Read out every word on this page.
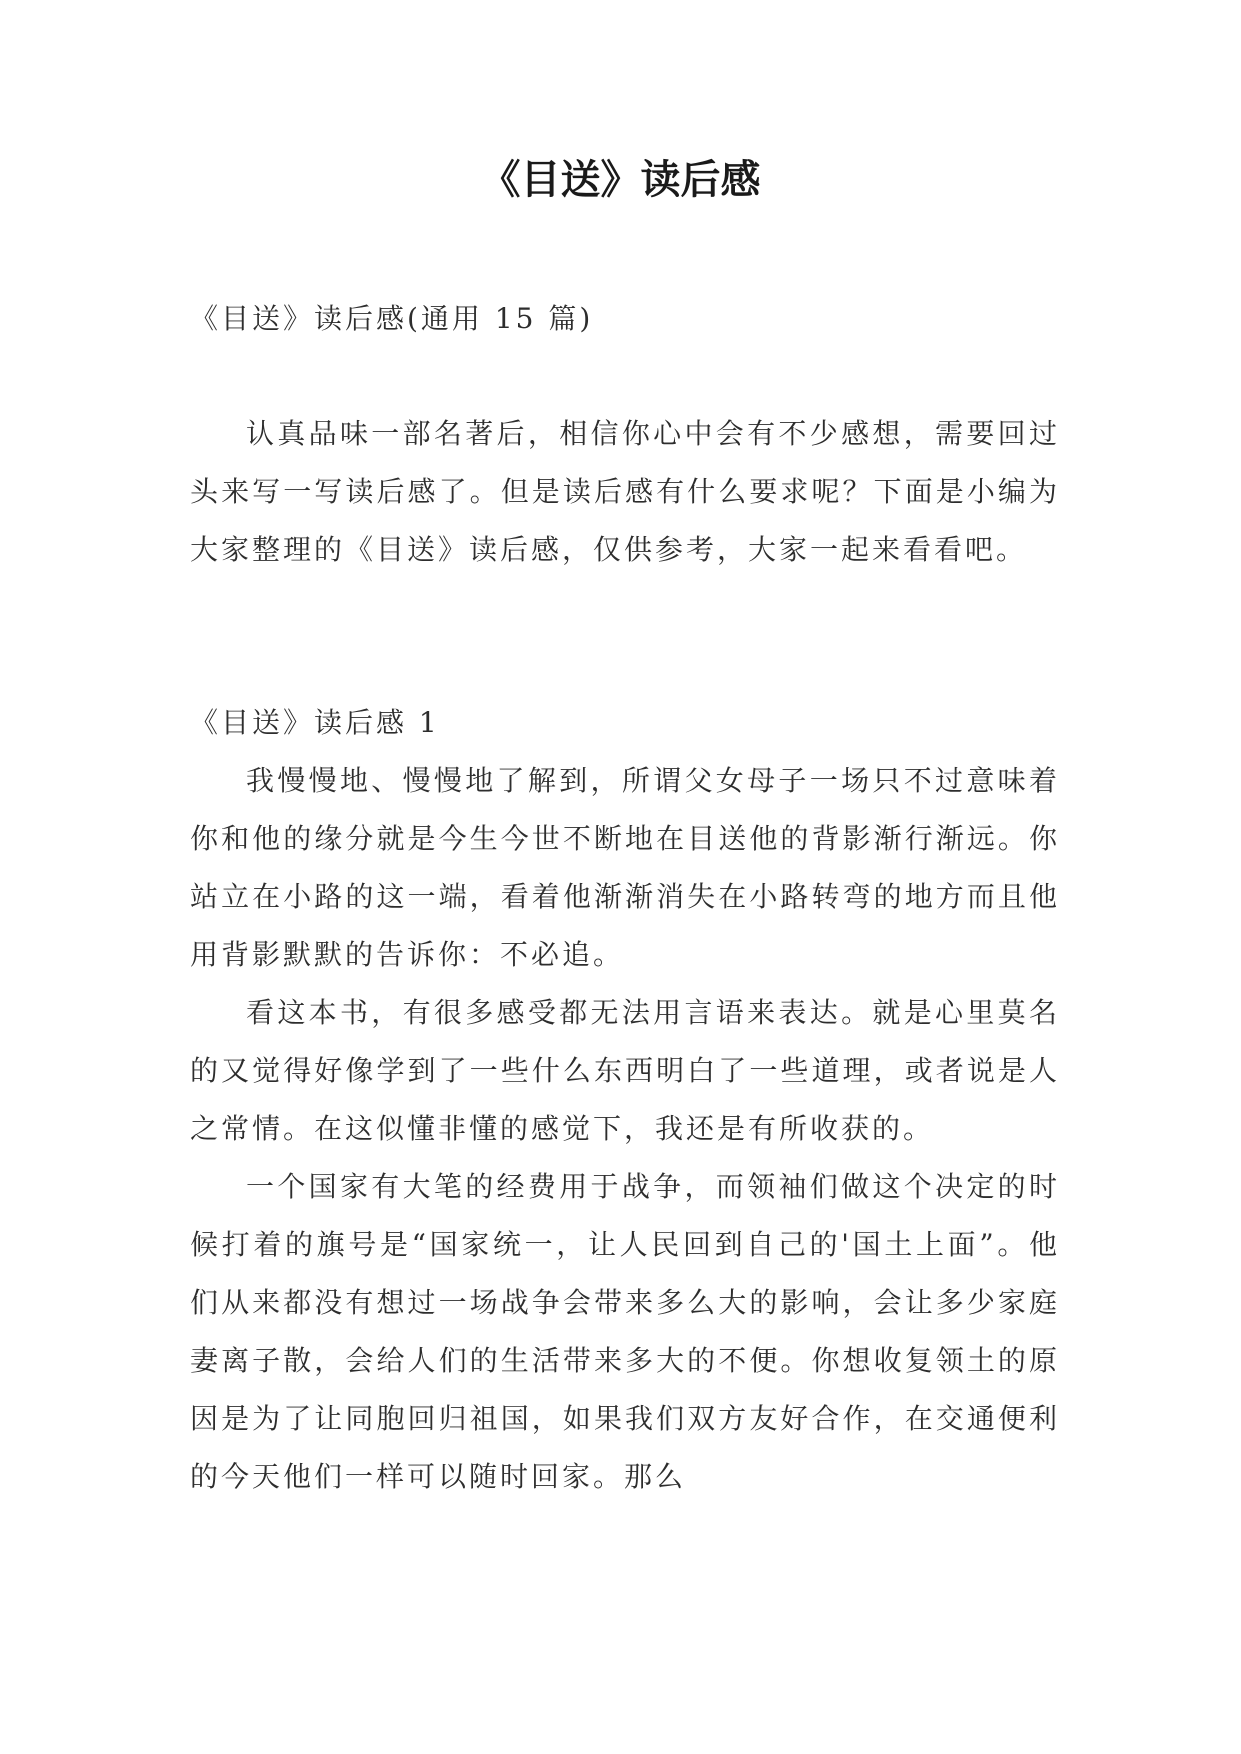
《目送》读后感

《目送》读后感(通用 15 篇)

认真品味一部名著后，相信你心中会有不少感想，需要回过头来写一写读后感了。但是读后感有什么要求呢？下面是小编为大家整理的《目送》读后感，仅供参考，大家一起来看看吧。

《目送》读后感 1

我慢慢地、慢慢地了解到，所谓父女母子一场只不过意味着你和他的缘分就是今生今世不断地在目送他的背影渐行渐远。你站立在小路的这一端，看着他渐渐消失在小路转弯的地方而且他用背影默默的告诉你：不必追。

看这本书，有很多感受都无法用言语来表达。就是心里莫名的又觉得好像学到了一些什么东西明白了一些道理，或者说是人之常情。在这似懂非懂的感觉下，我还是有所收获的。

一个国家有大笔的经费用于战争，而领袖们做这个决定的时候打着的旗号是“国家统一，让人民回到自己的'国土上面”。他们从来都没有想过一场战争会带来多么大的影响，会让多少家庭妻离子散，会给人们的生活带来多大的不便。你想收复领土的原因是为了让同胞回归祖国，如果我们双方友好合作，在交通便利的今天他们一样可以随时回家。那么
